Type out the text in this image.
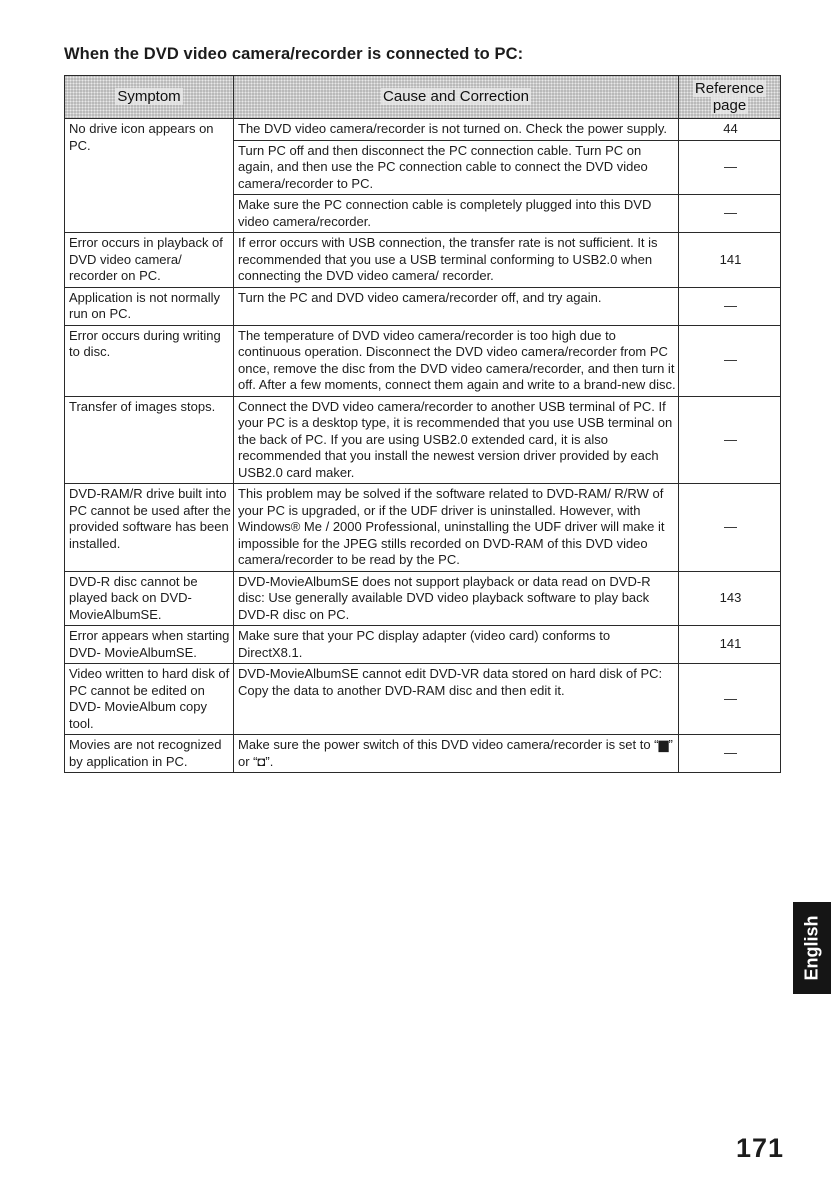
When the DVD video camera/recorder is connected to PC:
Symptom	Cause and Correction	Reference
page
No drive icon appears on PC.	The DVD video camera/recorder is not turned on. Check the power supply.	44
	Turn PC off and then disconnect the PC connection cable. Turn PC on again, and then use the PC connection cable to connect the DVD video camera/recorder to PC.	—
	Make sure the PC connection cable is completely plugged into this DVD video camera/recorder.	—
Error occurs in playback of DVD video camera/ recorder on PC.	If error occurs with USB connection, the transfer rate is not sufficient. It is recommended that you use a USB terminal conforming to USB2.0 when connecting the DVD video camera/ recorder.	141
Application is not normally run on PC.	Turn the PC and DVD video camera/recorder off, and try again.	—
Error occurs during writing to disc.	The temperature of DVD video camera/recorder is too high due to continuous operation. Disconnect the DVD video camera/recorder from PC once, remove the disc from the DVD video camera/recorder, and then turn it off. After a few moments, connect them again and write to a brand-new disc.	—
Transfer of images stops.	Connect the DVD video camera/recorder to another USB terminal of PC. If your PC is a desktop type, it is recommended that you use USB terminal on the back of PC. If you are using USB2.0 extended card, it is also recommended that you install the newest version driver provided by each USB2.0 card maker.	—
DVD-RAM/R drive built into PC cannot be used after the provided software has been installed.	This problem may be solved if the software related to DVD-RAM/ R/RW of your PC is upgraded, or if the UDF driver is uninstalled. However, with Windows® Me / 2000 Professional, uninstalling the UDF driver will make it impossible for the JPEG stills recorded on DVD-RAM of this DVD video camera/recorder to be read by the PC.	—
DVD-R disc cannot be played back on DVD- MovieAlbumSE.	DVD-MovieAlbumSE does not support playback or data read on DVD-R disc: Use generally available DVD video playback software to play back DVD-R disc on PC.	143
Error appears when starting DVD- MovieAlbumSE.	Make sure that your PC display adapter (video card) conforms to DirectX8.1.	141
Video written to hard disk of PC cannot be edited on DVD- MovieAlbum copy tool.	DVD-MovieAlbumSE cannot edit DVD-VR data stored on hard disk of PC: Copy the data to another DVD-RAM disc and then edit it.	—
Movies are not recognized by application in PC.	Make sure the power switch of this DVD video camera/recorder is set to “▆” or “◘”.	—
English
171
